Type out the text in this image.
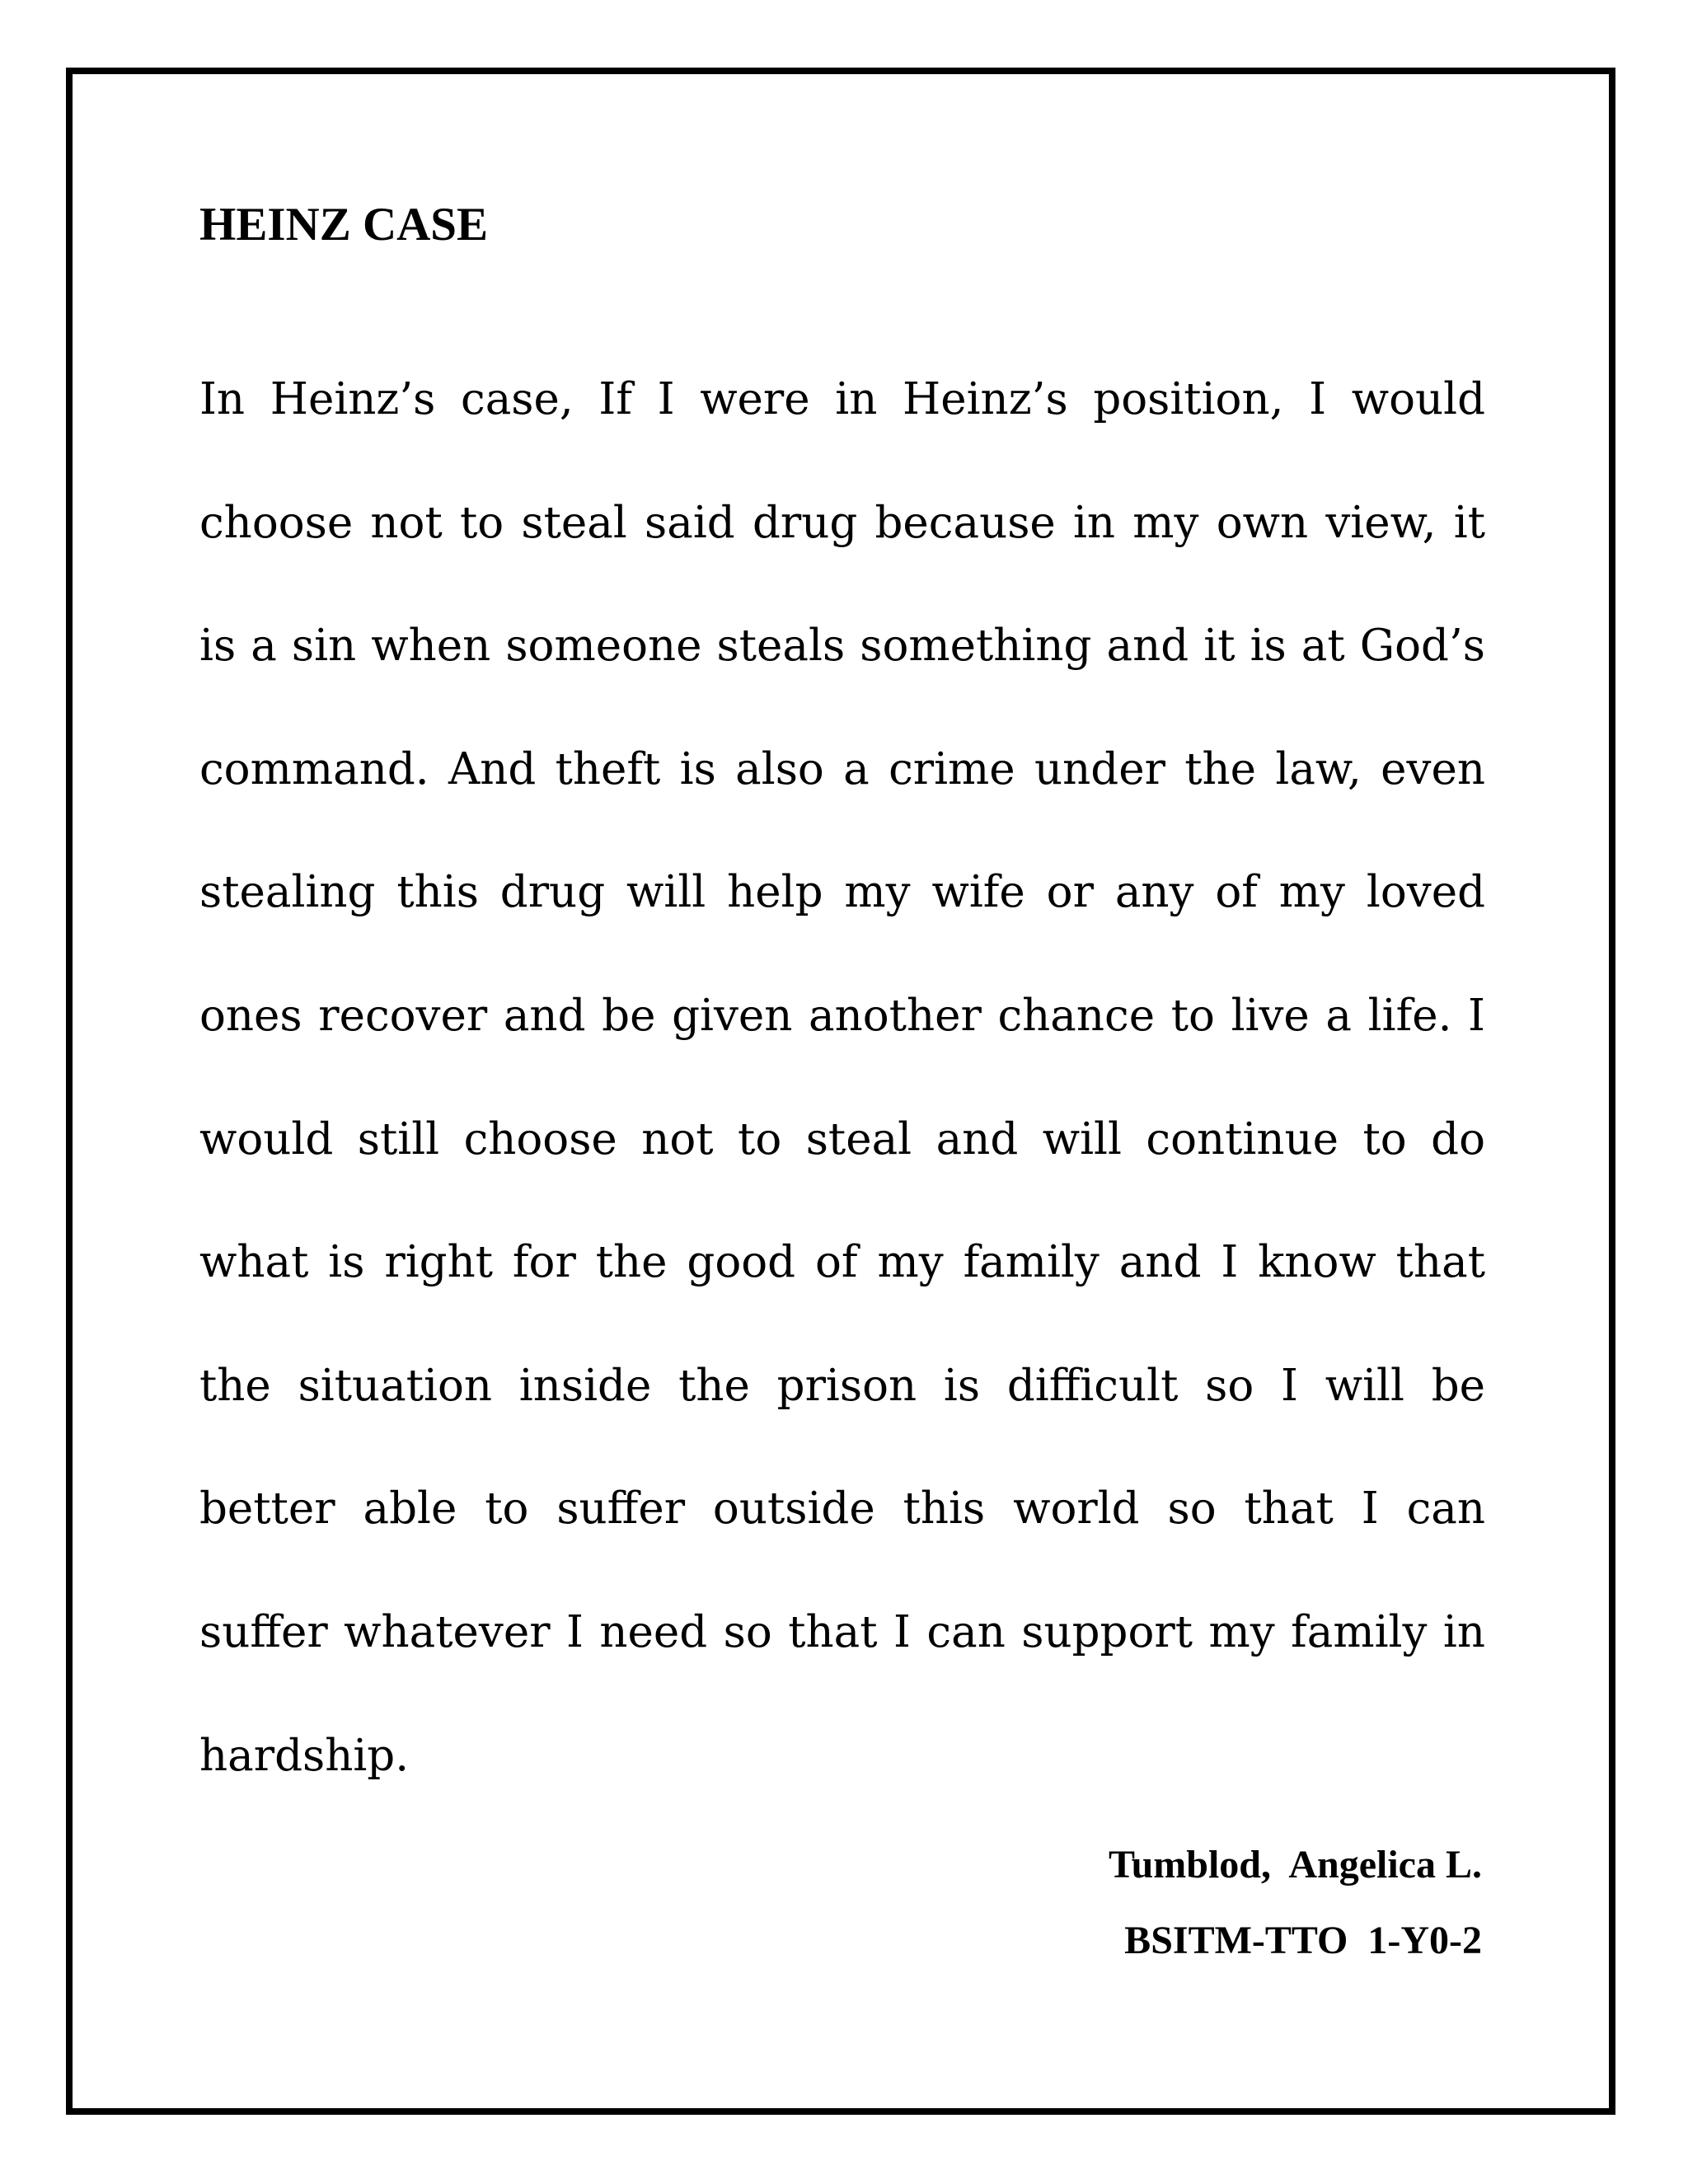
HEINZ CASE

In Heinz’s case, If I were in Heinz’s position, I would choose not to steal said drug because in my own view, it is a sin when someone steals something and it is at God’s command. And theft is also a crime under the law, even stealing this drug will help my wife or any of my loved ones recover and be given another chance to live a life. I would still choose not to steal and will continue to do what is right for the good of my family and I know that the situation inside the prison is difficult so I will be better able to suffer outside this world so that I can suffer whatever I need so that I can support my family in hardship.

Tumblod,  Angelica L.
BSITM-TTO  1-Y0-2
